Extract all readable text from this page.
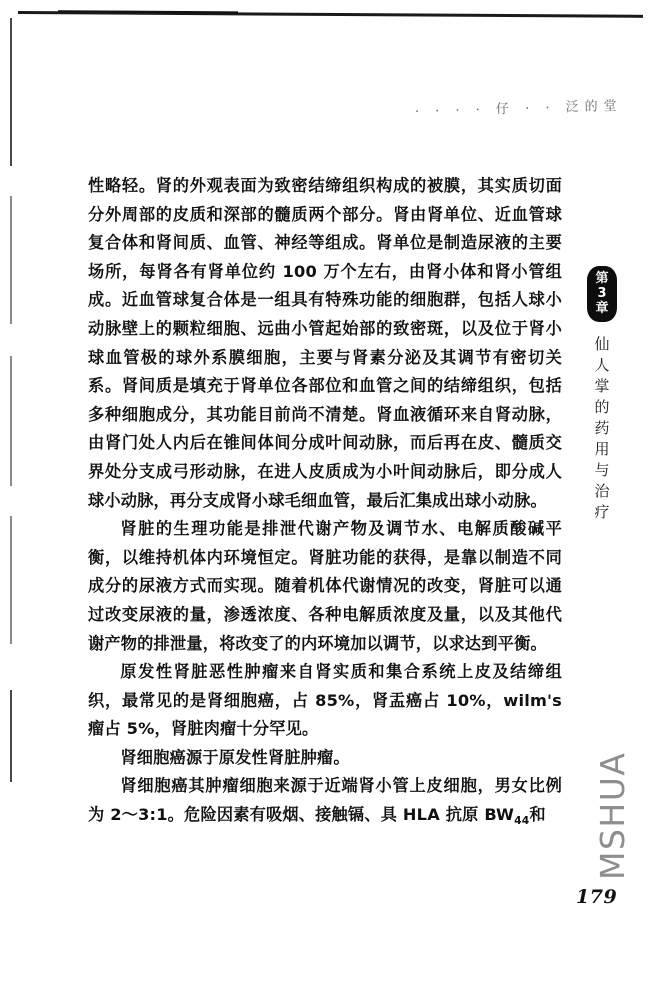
· · · · 仔 · · 泛的堂

性略轻。肾的外观表面为致密结缔组织构成的被膜，其实质切面分外周部的皮质和深部的髓质两个部分。肾由肾单位、近血管球复合体和肾间质、血管、神经等组成。肾单位是制造尿液的主要场所，每肾各有肾单位约 100 万个左右，由肾小体和肾小管组成。近血管球复合体是一组具有特殊功能的细胞群，包括人球小动脉壁上的颗粒细胞、远曲小管起始部的致密斑，以及位于肾小球血管极的球外系膜细胞，主要与肾素分泌及其调节有密切关系。肾间质是填充于肾单位各部位和血管之间的结缔组织，包括多种细胞成分，其功能目前尚不清楚。肾血液循环来自肾动脉，由肾门处人内后在锥间体间分成叶间动脉，而后再在皮、髓质交界处分支成弓形动脉，在进人皮质成为小叶间动脉后，即分成人球小动脉，再分支成肾小球毛细血管，最后汇集成出球小动脉。

肾脏的生理功能是排泄代谢产物及调节水、电解质酸碱平衡，以维持机体内环境恒定。肾脏功能的获得，是靠以制造不同成分的尿液方式而实现。随着机体代谢情况的改变，肾脏可以通过改变尿液的量，渗透浓度、各种电解质浓度及量，以及其他代谢产物的排泄量，将改变了的内环境加以调节，以求达到平衡。

原发性肾脏恶性肿瘤来自肾实质和集合系统上皮及结缔组织，最常见的是肾细胞癌，占 85%，肾盂癌占 10%，wilm's 瘤占 5%，肾脏肉瘤十分罕见。

肾细胞癌源于原发性肾脏肿瘤。

肾细胞癌其肿瘤细胞来源于近端肾小管上皮细胞，男女比例为 2～3:1。危险因素有吸烟、接触镉、具 HLA 抗原 $BW_{44}$和

第
3
章
仙
人
掌
的
药
用
与
治
疗
179
MSHUA
